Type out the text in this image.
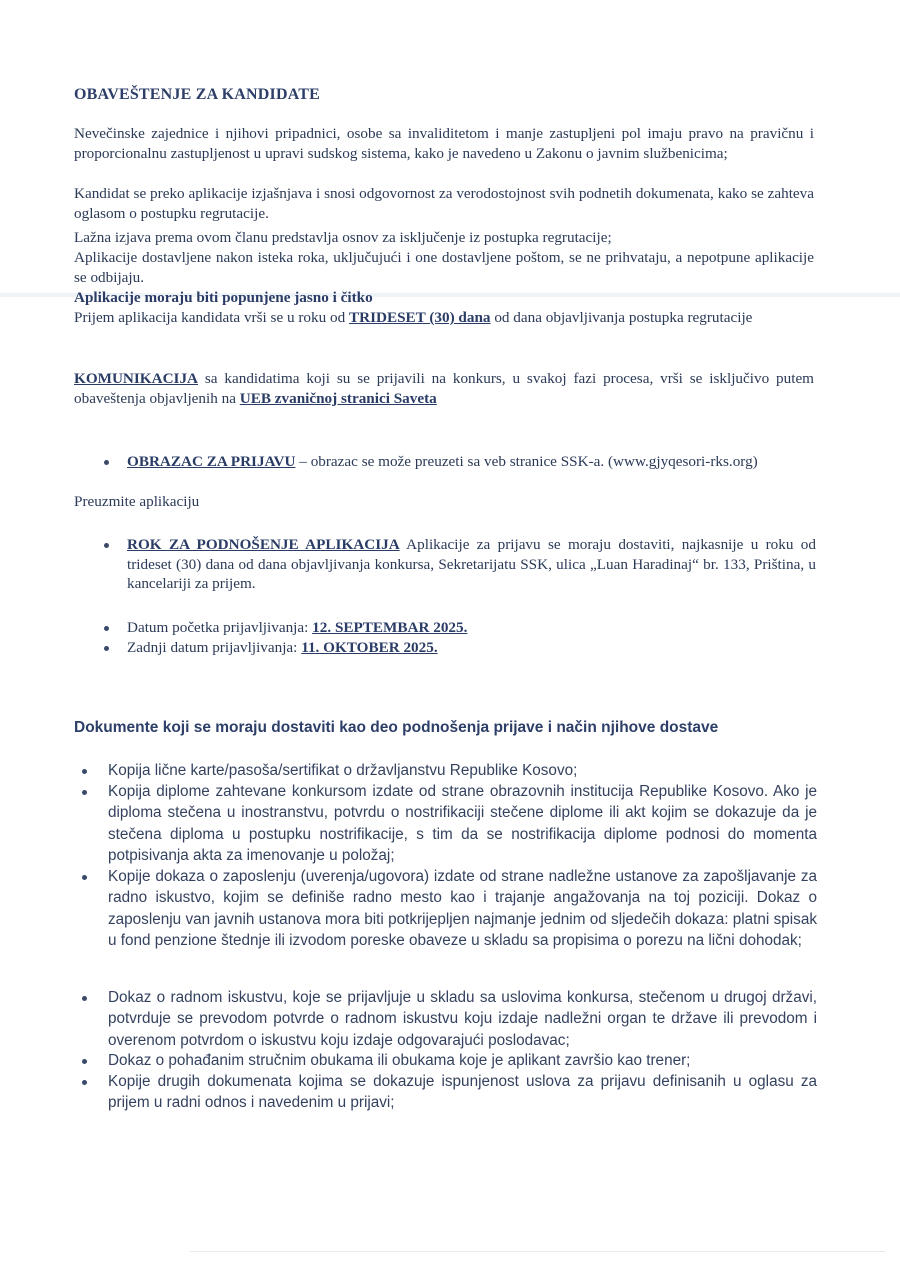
OBAVEŠTENJE ZA KANDIDATE
Nevečinske zajednice i njihovi pripadnici, osobe sa invaliditetom i manje zastupljeni pol imaju pravo na pravičnu i proporcionalnu zastupljenost u upravi sudskog sistema, kako je navedeno u Zakonu o javnim službenicima;
Kandidat se preko aplikacije izjašnjava i snosi odgovornost za verodostojnost svih podnetih dokumenata, kako se zahteva oglasom o postupku regrutacije.
Lažna izjava prema ovom članu predstavlja osnov za isključenje iz postupka regrutacije;
Aplikacije dostavljene nakon isteka roka, uključujući i one dostavljene poštom, se ne prihvataju, a nepotpune aplikacije se odbijaju.
Aplikacije moraju biti popunjene jasno i čitko
Prijem aplikacija kandidata vrši se u roku od TRIDESET (30) dana od dana objavljivanja postupka regrutacije
KOMUNIKACIJA sa kandidatima koji su se prijavili na konkurs, u svakoj fazi procesa, vrši se isključivo putem obaveštenja objavljenih na UEB zvaničnoj stranici Saveta
OBRAZAC ZA PRIJAVU – obrazac se može preuzeti sa veb stranice SSK-a. (www.gjyqesori-rks.org)
Preuzmite aplikaciju
ROK ZA PODNOŠENJE APLIKACIJA Aplikacije za prijavu se moraju dostaviti, najkasnije u roku od trideset (30) dana od dana objavljivanja konkursa, Sekretarijatu SSK, ulica „Luan Haradinaj“ br. 133, Priština, u kancelariji za prijem.
Datum početka prijavljivanja: 12. SEPTEMBAR 2025.
Zadnji datum prijavljivanja: 11. OKTOBER 2025.
Dokumente koji se moraju dostaviti kao deo podnošenja prijave i način njihove dostave
Kopija lične karte/pasoša/sertifikat o državljanstvu Republike Kosovo;
Kopija diplome zahtevane konkursom izdate od strane obrazovnih institucija Republike Kosovo. Ako je diploma stečena u inostranstvu, potvrdu o nostrifikaciji stečene diplome ili akt kojim se dokazuje da je stečena diploma u postupku nostrifikacije, s tim da se nostrifikacija diplome podnosi do momenta potpisivanja akta za imenovanje u položaj;
Kopije dokaza o zaposlenju (uverenja/ugovora) izdate od strane nadležne ustanove za zapošljavanje za radno iskustvo, kojim se definiše radno mesto kao i trajanje angažovanja na toj poziciji. Dokaz o zaposlenju van javnih ustanova mora biti potkrijepljen najmanje jednim od sljedečih dokaza: platni spisak u fond penzione štednje ili izvodom poreske obaveze u skladu sa propisima o porezu na lični dohodak;
Dokaz o radnom iskustvu, koje se prijavljuje u skladu sa uslovima konkursa, stečenom u drugoj državi, potvrduje se prevodom potvrde o radnom iskustvu koju izdaje nadležni organ te države ili prevodom i overenom potvrdom o iskustvu koju izdaje odgovarajući poslodavac;
Dokaz o pohađanim stručnim obukama ili obukama koje je aplikant završio kao trener;
Kopije drugih dokumenata kojima se dokazuje ispunjenost uslova za prijavu definisanih u oglasu za prijem u radni odnos i navedenim u prijavi;
